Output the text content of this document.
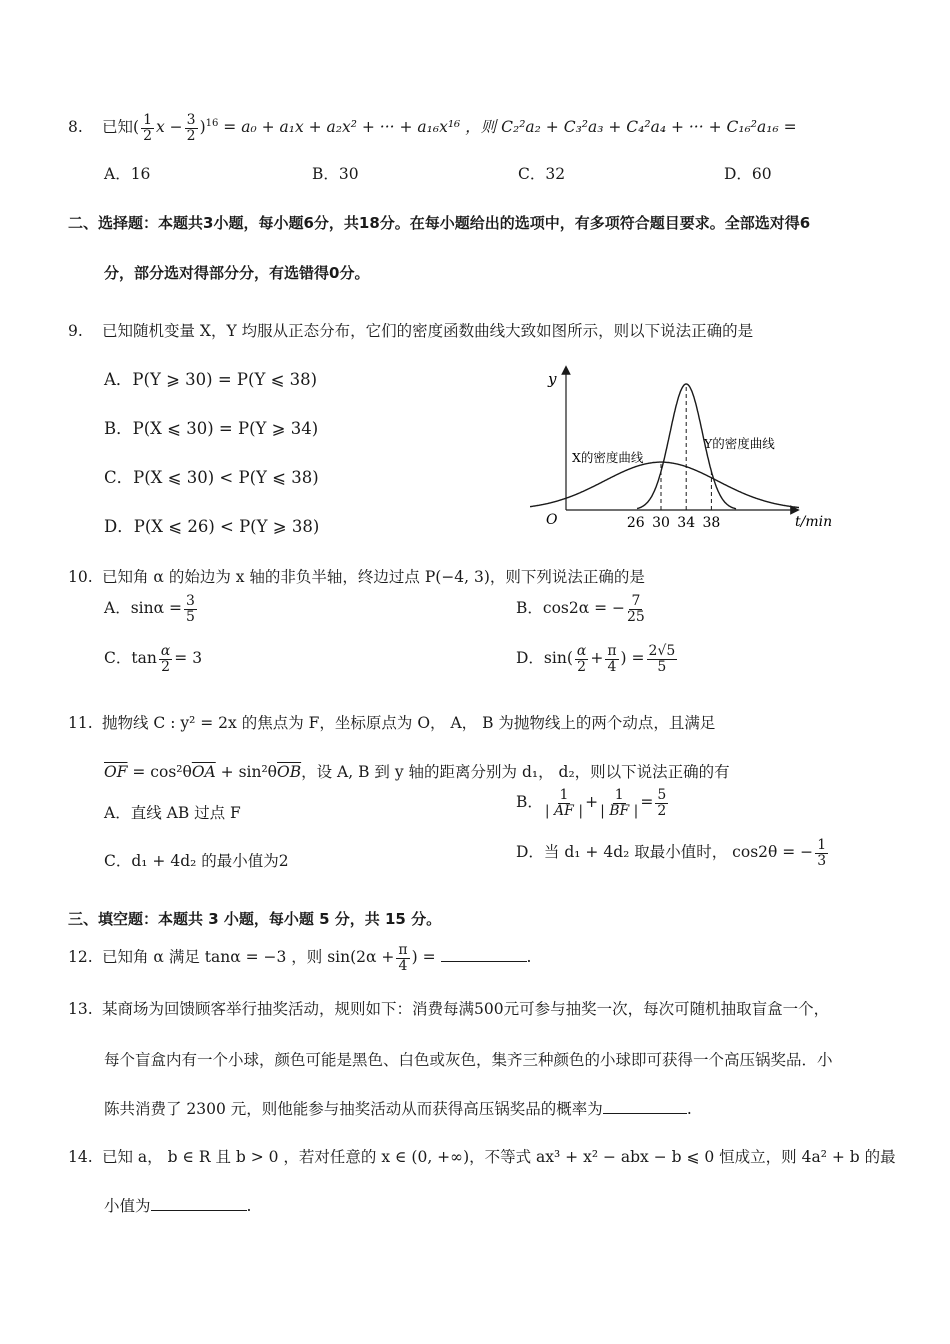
8. 已知( $\frac{1}{2}$ $x - \frac{3}{2} )^{16} = a_0 + a_1x + a_2x^2$ + ··· + a₁₆x¹⁶ ，则 C₂²a₂ + C₃²a₃ + C₄²a₄ + ··· + C₁₆²a₁₆ =
A．16	B．30	C．32	D．60
二、选择题：本题共3小题，每小题6分，共18分。在每小题给出的选项中，有多项符合题目要求。全部选对得6
分，部分选对得部分分，有选错得0分。
9. 已知随机变量 X，Y 均服从正态分布，它们的密度函数曲线大致如图所示，则以下说法正确的是
A．P(Y ⩾ 30) = P(Y ⩽ 38)
B．P(X ⩽ 30) = P(Y ⩾ 34)
C．P(X ⩽ 30) < P(Y ⩽ 38)
D．P(X ⩽ 26) < P(Y ⩾ 38)
y
t/min
O	26 30 34 38
X的密度曲线
Y的密度曲线
10. 已知角 α 的始边为 x 轴的非负半轴，终边过点 P(−4, 3)，则下列说法正确的是
A．$\sin\alpha = \frac{3}{5}$	B．cos2α = − $\frac{7}{25}$
C．$\tan \frac{\alpha}{2} = 3$	D．$\sin( \frac{\alpha}{2} + \frac{\pi}{4}$ ) = $\frac{2√5}{5}$
11. 抛物线 C : y² = 2x 的焦点为 F，坐标原点为 O， A， B 为抛物线上的两个动点，且满足
$\overline{OF} = \cos^2\theta\overline{OA} + \sin^2\theta\overline{OB}$，设 A, B 到 y 轴的距离分别为 d₁， d₂，则以下说法正确的有
A．直线 AB 过点 F
B． $\frac{1}{| AF |} + \frac{1}{| BF |} = \frac{5}{2}$
C．d₁ + 4d₂ 的最小值为2	D．当 d₁ + 4d₂ 取最小值时， cos2θ = − $\frac{1}{3}$
三、填空题：本题共 3 小题，每小题 5 分，共 15 分。
12. 已知角 α 满足 tanα = −3 ，则 $\sin(2\alpha + \frac{\pi}{4}$ ) =	.
13. 某商场为回馈顾客举行抽奖活动，规则如下：消费每满500元可参与抽奖一次，每次可随机抽取盲盒一个，
每个盲盒内有一个小球，颜色可能是黑色、白色或灰色，集齐三种颜色的小球即可获得一个高压锅奖品．小
陈共消费了 2300 元，则他能参与抽奖活动从而获得高压锅奖品的概率为	.
14. 已知 a， b ∈ R 且 b > 0 ，若对任意的 x ∈ (0, +∞)，不等式 ax³ + x² − abx − b ⩽ 0 恒成立，则 4a² + b 的最
小值为	.
